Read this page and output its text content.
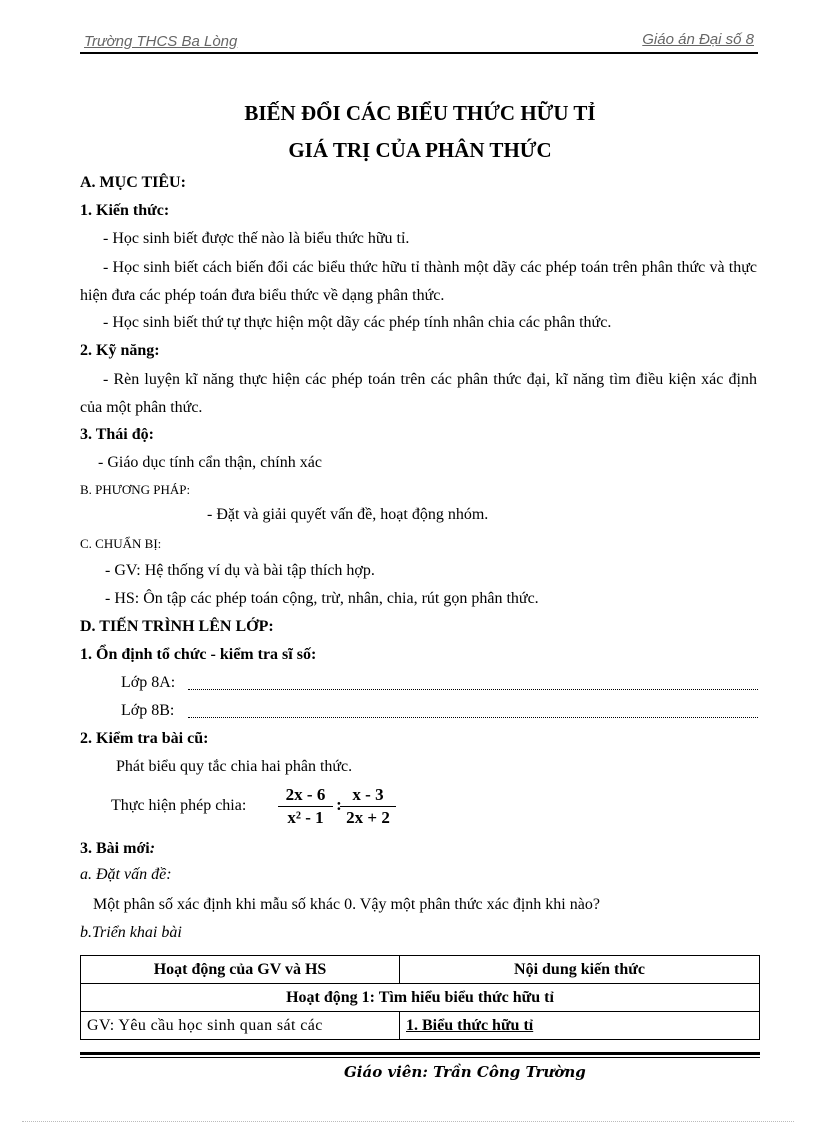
Trường THCS Ba Lòng	Giáo án Đại số 8
BIẾN ĐỔI CÁC BIỂU THỨC HỮU TỈ
GIÁ TRỊ CỦA PHÂN THỨC
A. MỤC TIÊU:
1. Kiến thức:
- Học sinh biết được thế nào là biểu thức hữu tỉ.
- Học sinh biết cách biến đổi các biểu thức hữu tỉ thành một dãy các phép toán trên phân thức và thực hiện đưa các phép toán đưa biểu thức về dạng phân thức.
- Học sinh biết thứ tự thực hiện một dãy các phép tính nhân chia các phân thức.
2. Kỹ năng:
- Rèn luyện kĩ năng thực hiện các phép toán trên các phân thức đại, kĩ năng tìm điều kiện xác định của một phân thức.
3. Thái độ:
- Giáo dục tính cẩn thận, chính xác
B. PHƯƠNG PHÁP:
- Đặt và giải quyết vấn đề, hoạt động nhóm.
C. CHUẨN BỊ:
- GV: Hệ thống ví dụ và bài tập thích hợp.
- HS: Ôn tập các phép toán cộng, trừ, nhân, chia, rút gọn phân thức.
D. TIẾN TRÌNH LÊN LỚP:
1. Ổn định tổ chức - kiểm tra sĩ số:
Lớp 8A:
Lớp 8B:
2. Kiểm tra bài cũ:
Phát biểu quy tắc chia hai phân thức.
Thực hiện phép chia: $\frac{2x - 6}{\text{x² - 1}}$ :
$\frac{x - 3}{2x + 2}$
3. Bài mới:
a. Đặt vấn đề:
Một phân số xác định khi mẫu số khác 0. Vậy một phân thức xác định khi nào?
b.Triển khai bài
Hoạt động của GV và HS	Nội dung kiến thức
Hoạt động 1: Tìm hiểu biểu thức hữu tỉ	
GV: Yêu cầu học sinh quan sát các	1. Biểu thức hữu tỉ
Giáo viên: Trần Công Trường
